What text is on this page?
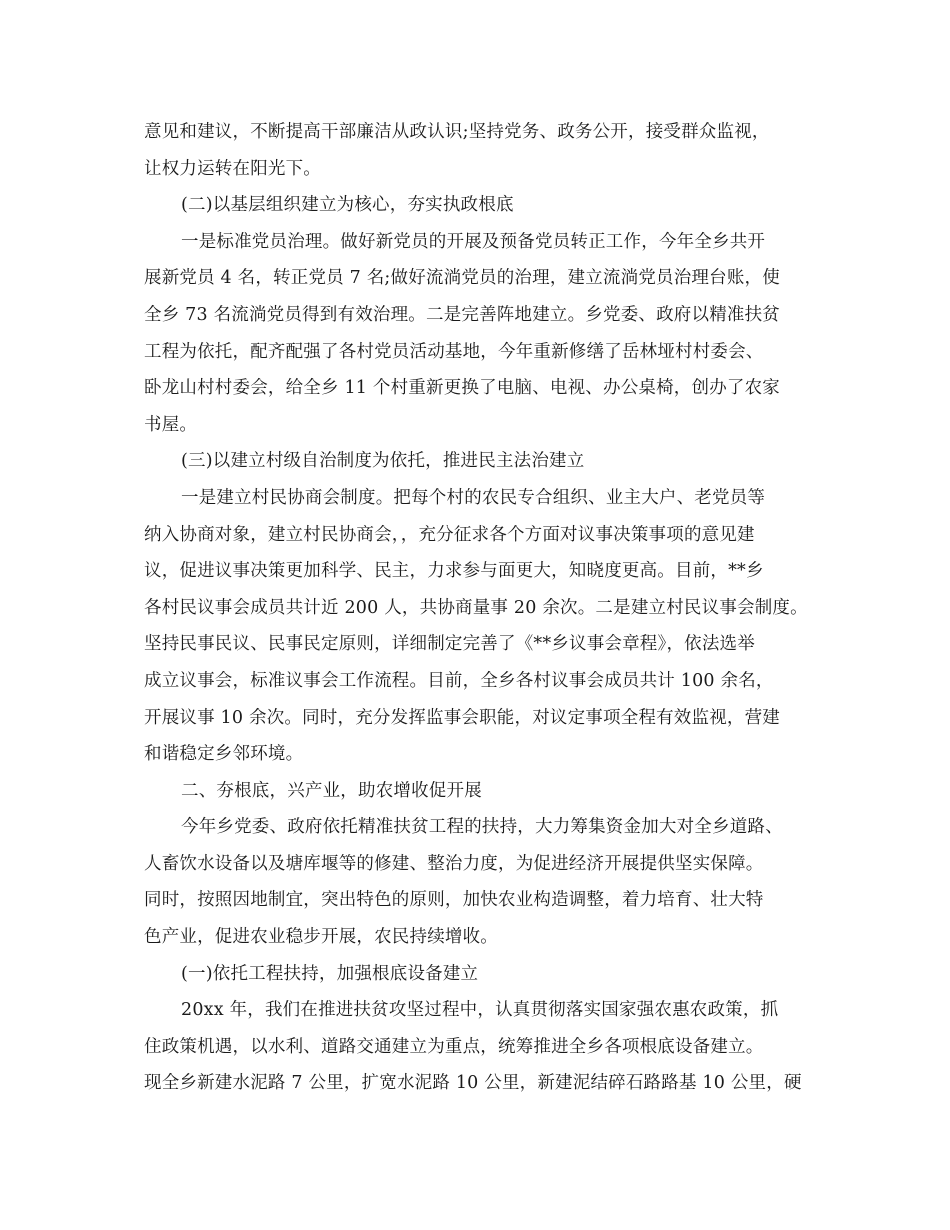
意见和建议，不断提高干部廉洁从政认识;坚持党务、政务公开，接受群众监视，
让权力运转在阳光下。
(二)以基层组织建立为核心，夯实执政根底
一是标准党员治理。做好新党员的开展及预备党员转正工作，今年全乡共开
展新党员 4 名，转正党员 7 名;做好流淌党员的治理，建立流淌党员治理台账，使
全乡 73 名流淌党员得到有效治理。二是完善阵地建立。乡党委、政府以精准扶贫
工程为依托，配齐配强了各村党员活动基地，今年重新修缮了岳林垭村村委会、
卧龙山村村委会，给全乡 11 个村重新更换了电脑、电视、办公桌椅，创办了农家
书屋。
(三)以建立村级自治制度为依托，推进民主法治建立
一是建立村民协商会制度。把每个村的农民专合组织、业主大户、老党员等
纳入协商对象，建立村民协商会，，充分征求各个方面对议事决策事项的意见建
议，促进议事决策更加科学、民主，力求参与面更大，知晓度更高。目前，**乡
各村民议事会成员共计近 200 人，共协商量事 20 余次。二是建立村民议事会制度。
坚持民事民议、民事民定原则，详细制定完善了《**乡议事会章程》，依法选举
成立议事会，标准议事会工作流程。目前，全乡各村议事会成员共计 100 余名，
开展议事 10 余次。同时，充分发挥监事会职能，对议定事项全程有效监视，营建
和谐稳定乡邻环境。
二、夯根底，兴产业，助农增收促开展
今年乡党委、政府依托精准扶贫工程的扶持，大力筹集资金加大对全乡道路、
人畜饮水设备以及塘库堰等的修建、整治力度，为促进经济开展提供坚实保障。
同时，按照因地制宜，突出特色的原则，加快农业构造调整，着力培育、壮大特
色产业，促进农业稳步开展，农民持续增收。
(一)依托工程扶持，加强根底设备建立
20xx 年，我们在推进扶贫攻坚过程中，认真贯彻落实国家强农惠农政策，抓
住政策机遇，以水利、道路交通建立为重点，统筹推进全乡各项根底设备建立。
现全乡新建水泥路 7 公里，扩宽水泥路 10 公里，新建泥结碎石路路基 10 公里，硬
